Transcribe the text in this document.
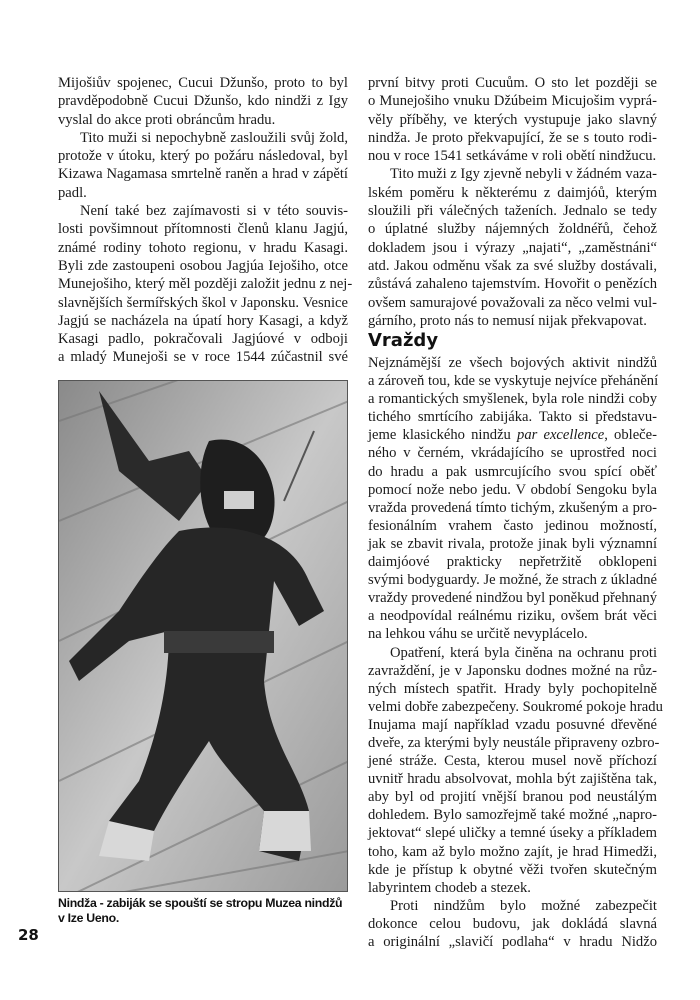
Mijošiův spojenec, Cucui Džunšo, proto to byl
pravděpodobně Cucui Džunšo, kdo nindži z Igy
vyslal do akce proti obráncům hradu.
Tito muži si nepochybně zasloužili svůj žold,
protože v útoku, který po požáru následoval, byl
Kizawa Nagamasa smrtelně raněn a hrad v zápětí
padl.
Není také bez zajímavosti si v této souvis-
losti povšimnout přítomnosti členů klanu Jagjú,
známé rodiny tohoto regionu, v hradu Kasagi.
Byli zde zastoupeni osobou Jagjúa Iejošiho, otce
Munejošiho, který měl později založit jednu z nej-
slavnějších šermířských škol v Japonsku. Vesnice
Jagjú se nacházela na úpatí hory Kasagi, a když
Kasagi padlo, pokračovali Jagjúové v odboji
a mladý Munejoši se v roce 1544 zúčastnil své
Nindža - zabiják se spouští se stropu Muzea nindžů
v Ize Ueno.
28
první bitvy proti Cucuům. O sto let později se
o Munejošiho vnuku Džúbeim Micujošim vyprá-
věly příběhy, ve kterých vystupuje jako slavný
nindža. Je proto překvapující, že se s touto rodi-
nou v roce 1541 setkáváme v roli obětí nindžucu.
Tito muži z Igy zjevně nebyli v žádném vaza-
lském poměru k některému z daimjóů, kterým
sloužili při válečných taženích. Jednalo se tedy
o úplatné služby nájemných žoldnéřů, čehož
dokladem jsou i výrazy „najati“, „zaměstnáni“
atd. Jakou odměnu však za své služby dostávali,
zůstává zahaleno tajemstvím. Hovořit o penězích
ovšem samurajové považovali za něco velmi vul-
gárního, proto nás to nemusí nijak překvapovat.
Vraždy
Nejznámější ze všech bojových aktivit nindžů
a zároveň tou, kde se vyskytuje nejvíce přehánění
a romantických smyšlenek, byla role nindži coby
tichého smrtícího zabijáka. Takto si představu-
jeme klasického nindžu par excellence, obleče-
ného v černém, vkrádajícího se uprostřed noci
do hradu a pak usmrcujícího svou spící oběť
pomocí nože nebo jedu. V období Sengoku byla
vražda provedená tímto tichým, zkušeným a pro-
fesionálním vrahem často jedinou možností,
jak se zbavit rivala, protože jinak byli významní
daimjóové prakticky nepřetržitě obklopeni
svými bodyguardy. Je možné, že strach z úkladné
vraždy provedené nindžou byl poněkud přehnaný
a neodpovídal reálnému riziku, ovšem brát věci
na lehkou váhu se určitě nevyplácelo.
Opatření, která byla činěna na ochranu proti
zavraždění, je v Japonsku dodnes možné na růz-
ných místech spatřit. Hrady byly pochopitelně
velmi dobře zabezpečeny. Soukromé pokoje hradu
Inujama mají například vzadu posuvné dřevěné
dveře, za kterými byly neustále připraveny ozbro-
jené stráže. Cesta, kterou musel nově příchozí
uvnitř hradu absolvovat, mohla být zajištěna tak,
aby byl od projití vnější branou pod neustálým
dohledem. Bylo samozřejmě také možné „napro-
jektovat“ slepé uličky a temné úseky a příkladem
toho, kam až bylo možno zajít, je hrad Himedži,
kde je přístup k obytné věži tvořen skutečným
labyrintem chodeb a stezek.
Proti nindžům bylo možné zabezpečit
dokonce celou budovu, jak dokládá slavná
a originální „slavičí podlaha“ v hradu Nidžo
